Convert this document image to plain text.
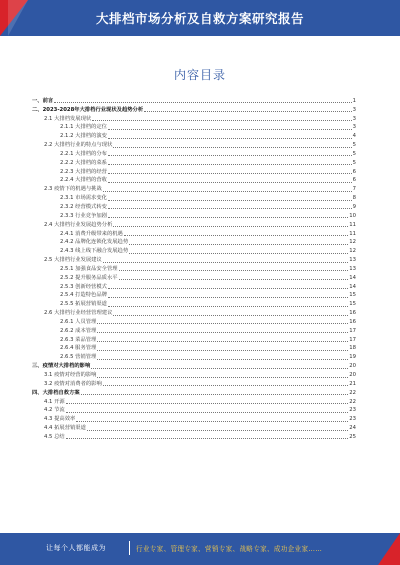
大排档市场分析及自救方案研究报告
内容目录
一、前言	1
二、2023-2028年大排档行业现状及趋势分析	3
2.1 大排档发展现状	3
2.1.1 大排档的定位	3
2.1.2 大排档的演变	4
2.2 大排档行业的特点与现状	5
2.2.1 大排档的分布	5
2.2.2 大排档的菜系	5
2.2.3 大排档的经营	6
2.2.4 大排档的营收	6
2.3 疫情下的机遇与挑战	7
2.3.1 市场需求变化	8
2.3.2 经营模式转变	9
2.3.3 行业竞争加剧	10
2.4 大排档行业发展趋势分析	11
2.4.1 消费升级带来的机遇	11
2.4.2 品牌化连锁化发展趋势	12
2.4.3 线上线下融合发展趋势	12
2.5 大排档行业发展建议	13
2.5.1 加强食品安全管理	13
2.5.2 提升服务品质水平	14
2.5.3 创新经营模式	14
2.5.4 打造特色品牌	15
2.5.5 拓展营销渠道	15
2.6 大排档行业经营管理建议	16
2.6.1 人员管理	16
2.6.2 成本管理	17
2.6.3 菜品管理	17
2.6.4 服务管理	18
2.6.5 营销管理	19
三、疫情对大排档的影响	20
3.1 疫情对经营的影响	20
3.2 疫情对消费者的影响	21
四、大排档自救方案	22
4.1 开源	22
4.2 节流	23
4.3 提高效率	23
4.4 拓展营销渠道	24
4.5 总结	25
让每个人都能成为	行业专家、管理专家、营销专家、战略专家、成功企业家……
